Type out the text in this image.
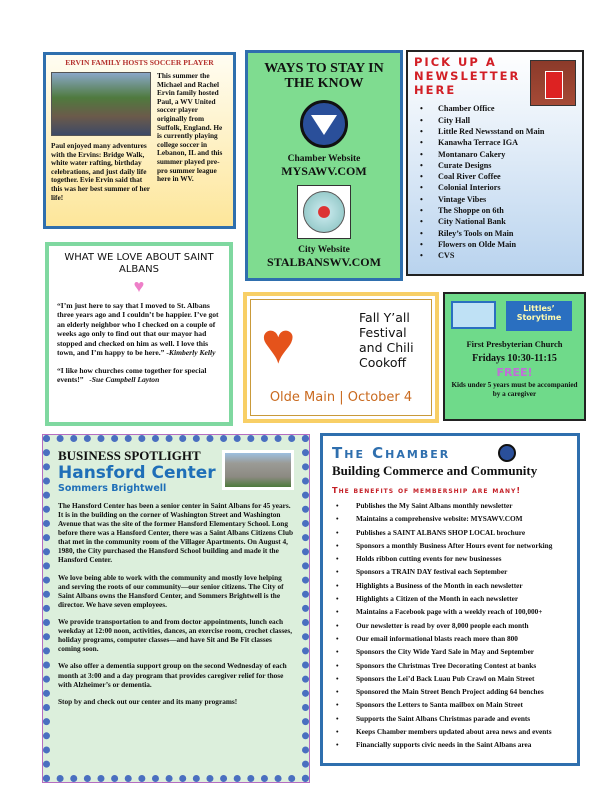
ERVIN FAMILY HOSTS SOCCER PLAYER
Paul enjoyed many adventures with the Ervins: Bridge Walk, white water rafting, birthday celebrations, and just daily life together. Evie Ervin said that this was her best summer of her life!
This summer the Michael and Rachel Ervin family hosted Paul, a WV United soccer player originally from Suffolk, England. He is currently playing college soccer in Lebanon, IL and this summer played pre-pro summer league here in WV.
WAYS TO STAY IN THE KNOW
Chamber Website
MYSAWV.COM
City Website
STALBANSWV.COM
PICK UP A NEWSLETTER HERE
• Chamber Office
• City Hall
• Little Red Newsstand on Main
• Kanawha Terrace IGA
• Montanaro Cakery
• Curate Designs
• Coal River Coffee
• Colonial Interiors
• Vintage Vibes
• The Shoppe on 6th
• City National Bank
• Riley’s Tools on Main
• Flowers on Olde Main
• CVS
WHAT WE LOVE ABOUT SAINT ALBANS
♥

“I’m just here to say that I moved to St. Albans three years ago and I couldn’t be happier. I’ve got an elderly neighbor who I checked on a couple of weeks ago only to find out that our mayor had stopped and checked on him as well. I love this town, and I’m happy to be here.” -Kimberly Kelly

“I like how churches come together for special events!” -Sue Campbell Layton

♥	Fall Y’all Festival and Chili Cookoff
Olde Main | October 4
Littles’ Storytime
First Presbyterian Church
Fridays 10:30-11:15
FREE!
Kids under 5 years must be accompanied by a caregiver
BUSINESS SPOTLIGHT
Hansford Center
Sommers Brightwell

The Hansford Center has been a senior center in Saint Albans for 45 years. It is in the building on the corner of Washington Street and Washington Avenue that was the site of the former Hansford Elementary School. Long before there was a Hansford Center, there was a Saint Albans Citizens Club that met in the community room of the Villager Apartments. On August 4, 1980, the City purchased the Hansford School building and made it the Hansford Center.

We love being able to work with the community and mostly love helping and serving the roots of our community—our senior citizens. The City of Saint Albans owns the Hansford Center, and Sommers Brightwell is the director. We have seven employees.

We provide transportation to and from doctor appointments, lunch each weekday at 12:00 noon, activities, dances, an exercise room, crochet classes, holiday programs, computer classes—and have Sit and Be Fit classes coming soon.

We also offer a dementia support group on the second Wednesday of each month at 3:00 and a day program that provides caregiver relief for those with Alzheimer’s or dementia.

Stop by and check out our center and its many programs!

The Chamber
Building Commerce and Community
The benefits of membership are many!
• Publishes the My Saint Albans monthly newsletter
• Maintains a comprehensive website: MYSAWV.COM
• Publishes a SAINT ALBANS SHOP LOCAL brochure
• Sponsors a monthly Business After Hours event for networking
• Holds ribbon cutting events for new businesses
• Sponsors a TRAIN DAY festival each September
• Highlights a Business of the Month in each newsletter
• Highlights a Citizen of the Month in each newsletter
• Maintains a Facebook page with a weekly reach of 100,000+
• Our newsletter is read by over 8,000 people each month
• Our email informational blasts reach more than 800
• Sponsors the City Wide Yard Sale in May and September
• Sponsors the Christmas Tree Decorating Contest at banks
• Sponsors the Lei’d Back Luau Pub Crawl on Main Street
• Sponsored the Main Street Bench Project adding 64 benches
• Sponsors the Letters to Santa mailbox on Main Street
• Supports the Saint Albans Christmas parade and events
• Keeps Chamber members updated about area news and events
• Financially supports civic needs in the Saint Albans area
